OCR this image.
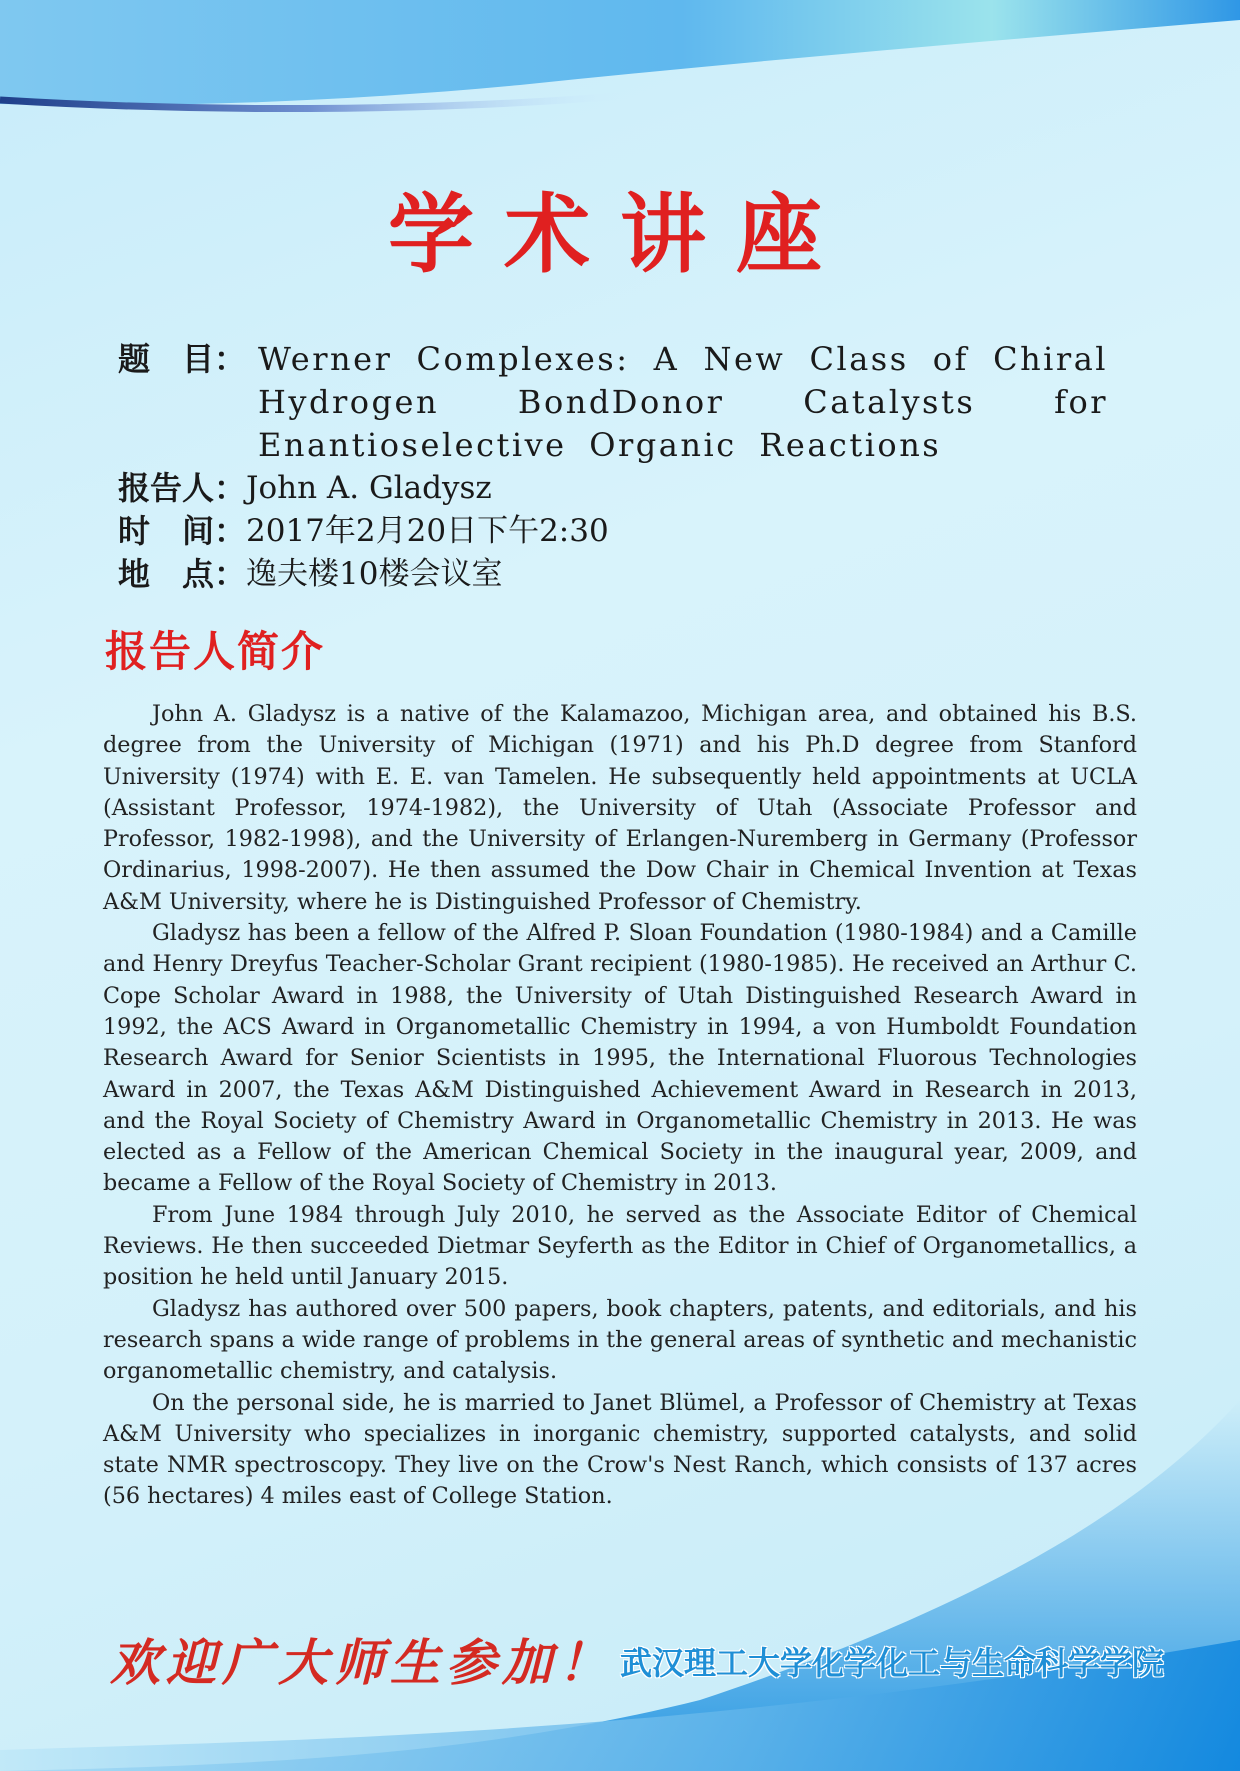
学术讲座
题　目： Werner Complexes: A New Class of Chiral Hydrogen BondDonor Catalysts for Enantioselective Organic Reactions
报告人： John A. Gladysz
时　间： 2017年2月20日下午2:30
地　点： 逸夫楼10楼会议室
报告人简介

John A. Gladysz is a native of the Kalamazoo, Michigan area, and obtained his B.S. degree from the University of Michigan (1971) and his Ph.D degree from Stanford University (1974) with E. E. van Tamelen. He subsequently held appointments at UCLA (Assistant Professor, 1974-1982), the University of Utah (Associate Professor and Professor, 1982-1998), and the University of Erlangen-Nuremberg in Germany (Professor Ordinarius, 1998-2007). He then assumed the Dow Chair in Chemical Invention at Texas A&M University, where he is Distinguished Professor of Chemistry.

Gladysz has been a fellow of the Alfred P. Sloan Foundation (1980-1984) and a Camille and Henry Dreyfus Teacher-Scholar Grant recipient (1980-1985). He received an Arthur C. Cope Scholar Award in 1988, the University of Utah Distinguished Research Award in 1992, the ACS Award in Organometallic Chemistry in 1994, a von Humboldt Foundation Research Award for Senior Scientists in 1995, the International Fluorous Technologies Award in 2007, the Texas A&M Distinguished Achievement Award in Research in 2013, and the Royal Society of Chemistry Award in Organometallic Chemistry in 2013. He was elected as a Fellow of the American Chemical Society in the inaugural year, 2009, and became a Fellow of the Royal Society of Chemistry in 2013.

From June 1984 through July 2010, he served as the Associate Editor of Chemical Reviews. He then succeeded Dietmar Seyferth as the Editor in Chief of Organometallics, a position he held until January 2015.

Gladysz has authored over 500 papers, book chapters, patents, and editorials, and his research spans a wide range of problems in the general areas of synthetic and mechanistic organometallic chemistry, and catalysis.

On the personal side, he is married to Janet Blümel, a Professor of Chemistry at Texas A&M University who specializes in inorganic chemistry, supported catalysts, and solid state NMR spectroscopy. They live on the Crow's Nest Ranch, which consists of 137 acres (56 hectares) 4 miles east of College Station.

欢迎广大师生参加！ 武汉理工大学化学化工与生命科学学院
